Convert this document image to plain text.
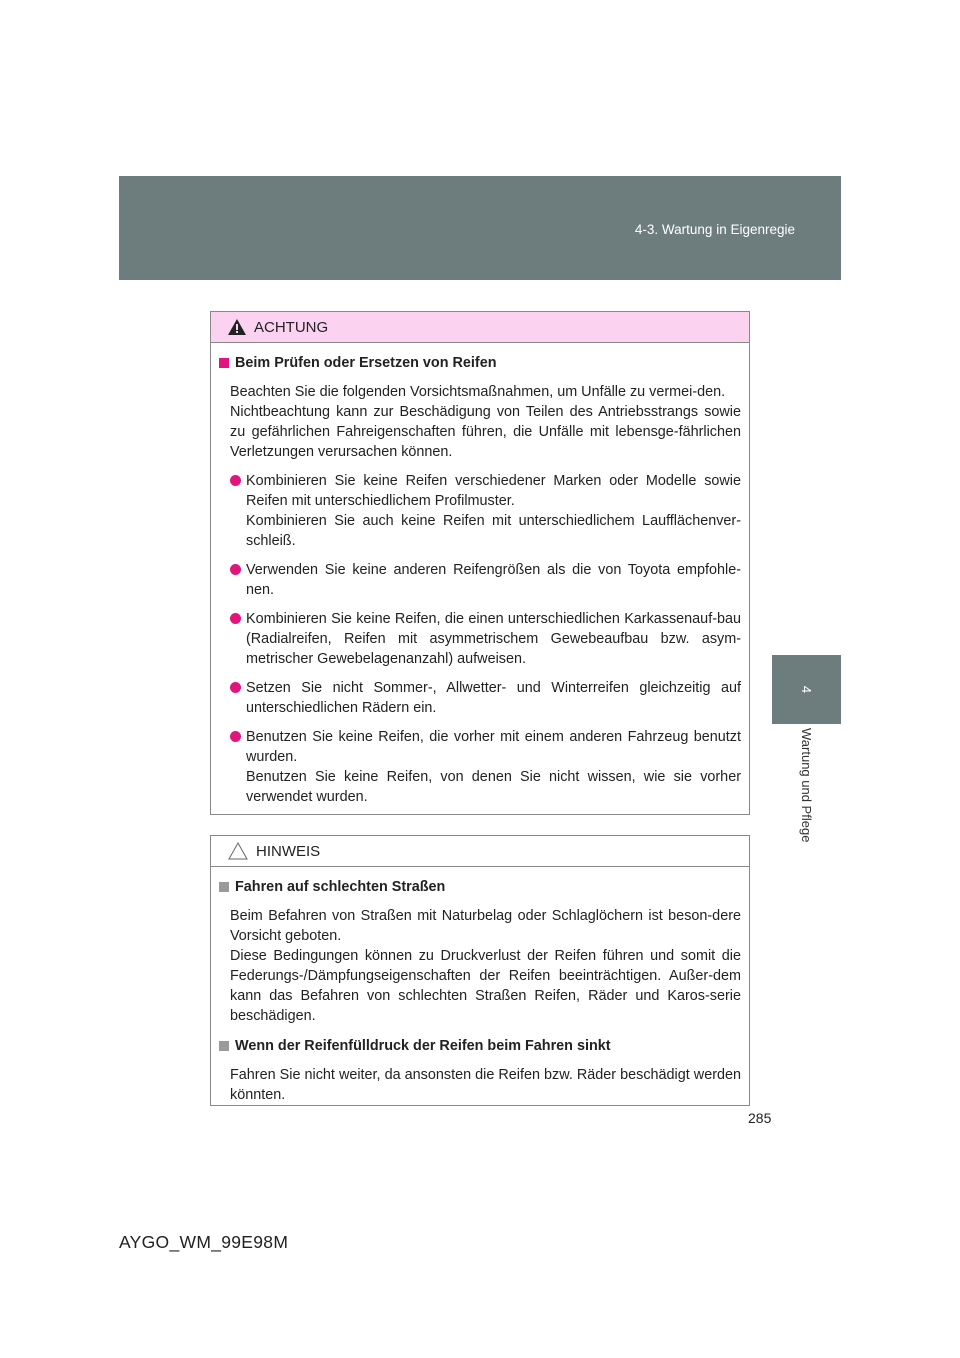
4-3. Wartung in Eigenregie
4
Wartung und Pflege
ACHTUNG
Beim Prüfen oder Ersetzen von Reifen
Beachten Sie die folgenden Vorsichtsmaßnahmen, um Unfälle zu vermei-den.
Nichtbeachtung kann zur Beschädigung von Teilen des Antriebsstrangs sowie zu gefährlichen Fahreigenschaften führen, die Unfälle mit lebensge-fährlichen Verletzungen verursachen können.
Kombinieren Sie keine Reifen verschiedener Marken oder Modelle sowie Reifen mit unterschiedlichem Profilmuster.
Kombinieren Sie auch keine Reifen mit unterschiedlichem Laufflächenver-schleiß.
Verwenden Sie keine anderen Reifengrößen als die von Toyota empfohle-nen.
Kombinieren Sie keine Reifen, die einen unterschiedlichen Karkassenauf-bau (Radialreifen, Reifen mit asymmetrischem Gewebeaufbau bzw. asym-metrischer Gewebelagenanzahl) aufweisen.
Setzen Sie nicht Sommer-, Allwetter- und Winterreifen gleichzeitig auf unterschiedlichen Rädern ein.
Benutzen Sie keine Reifen, die vorher mit einem anderen Fahrzeug benutzt wurden.
Benutzen Sie keine Reifen, von denen Sie nicht wissen, wie sie vorher verwendet wurden.
HINWEIS
Fahren auf schlechten Straßen
Beim Befahren von Straßen mit Naturbelag oder Schlaglöchern ist beson-dere Vorsicht geboten.
Diese Bedingungen können zu Druckverlust der Reifen führen und somit die Federungs-/Dämpfungseigenschaften der Reifen beeinträchtigen. Außer-dem kann das Befahren von schlechten Straßen Reifen, Räder und Karos-serie beschädigen.
Wenn der Reifenfülldruck der Reifen beim Fahren sinkt
Fahren Sie nicht weiter, da ansonsten die Reifen bzw. Räder beschädigt werden könnten.
285
AYGO_WM_99E98M
